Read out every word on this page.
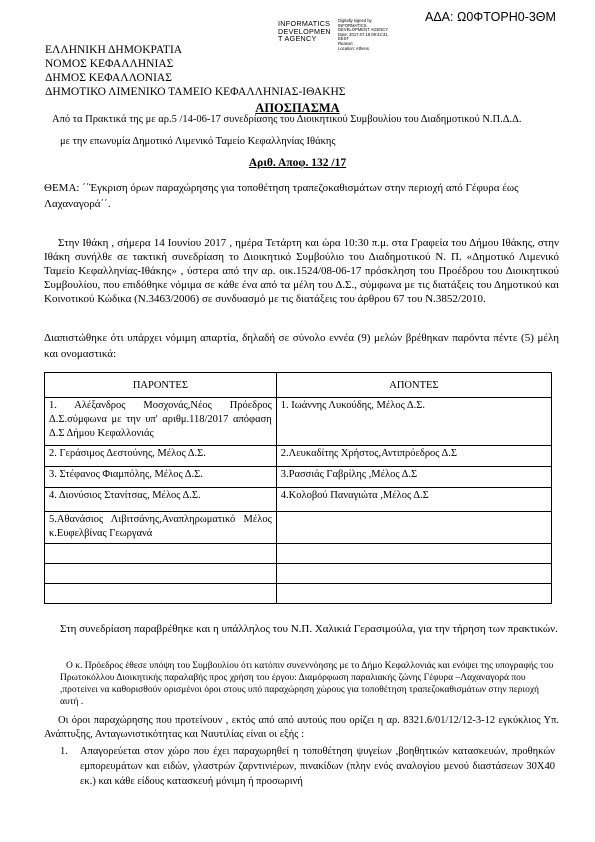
INFORMATICS
DEVELOPMEN
T AGENCY
Digitally signed by
INFORMATICS
DEVELOPMENT AGENCY
Date: 2017.07.18 09:42:31
EEST
Reason:
Location: Athens
ΑΔΑ: Ω0ΦΤΟΡΗ0-3ΘΜ
ΕΛΛΗΝΙΚΗ ΔΗΜΟΚΡΑΤΙΑ
ΝΟΜΟΣ ΚΕΦΑΛΛΗΝΙΑΣ
ΔΗΜΟΣ ΚΕΦΑΛΛΟΝΙΑΣ
ΔΗΜΟΤΙΚΟ ΛΙΜΕΝΙΚΟ ΤΑΜΕΙΟ ΚΕΦΑΛΛΗΝΙΑΣ-ΙΘΑΚΗΣ
ΑΠΟΣΠΑΣΜΑ
Από τα Πρακτικά της με αρ.5 /14-06-17 συνεδρίασης του Διοικητικού Συμβουλίου του Διαδημοτικού Ν.Π.Δ.Δ.
με την επωνυμία Δημοτικό Λιμενικό Ταμείο Κεφαλληνίας Ιθάκης
Αριθ. Αποφ. 132 /17
ΘΕΜΑ: ΄΄Έγκριση όρων παραχώρησης για τοποθέτηση τραπεζοκαθισμάτων στην περιοχή από Γέφυρα έως Λαχαναγορά΄΄.
Στην Ιθάκη , σήμερα 14 Ιουνίου 2017 , ημέρα Τετάρτη και ώρα 10:30 π.μ. στα Γραφεία του Δήμου Ιθάκης, στην Ιθάκη συνήλθε σε τακτική συνεδρίαση το Διοικητικό Συμβούλιο του Διαδημοτικού Ν. Π. «Δημοτικό Λιμενικό Ταμείο Κεφαλληνίας-Ιθάκης» , ύστερα από την αρ. οικ.1524/08-06-17 πρόσκληση του Προέδρου του Διοικητικού Συμβουλίου, που επιδόθηκε νόμιμα σε κάθε ένα από τα μέλη του Δ.Σ., σύμφωνα με τις διατάξεις του Δημοτικού και Κοινοτικού Κώδικα (Ν.3463/2006) σε συνδυασμό με τις διατάξεις του άρθρου 67 του Ν.3852/2010.
Διαπιστώθηκε ότι υπάρχει νόμιμη απαρτία, δηλαδή σε σύνολο εννέα (9) μελών βρέθηκαν παρόντα πέντε (5) μέλη και ονομαστικά:
ΠΑΡΟΝΤΕΣ	ΑΠΟΝΤΕΣ
1. Αλέξανδρος Μοσχονάς,Νέος Πρόεδρος Δ.Σ.σύμφωνα με την υπ' αριθμ.118/2017 απόφαση Δ.Σ Δήμου Κεφαλλονιάς	1. Ιωάννης Λυκούδης, Μέλος Δ.Σ.
2. Γεράσιμος Δεστούνης, Μέλος Δ.Σ.	2.Λευκαδίτης Χρήστος,Αντιπρόεδρος Δ.Σ
3. Στέφανος Φιαμπόλης, Μέλος Δ.Σ.	3.Ρασσιάς Γαβρίλης ,Μέλος Δ.Σ
4. Διονύσιος Στανίτσας, Μέλος Δ.Σ.	4.Κολοβού Παναγιώτα ,Μέλος Δ.Σ
5.Αθανάσιος Λιβιτσάνης,Αναπληρωματικό Μέλος κ.Ευφελβίνας Γεωργανά	

Στη συνεδρίαση παραβρέθηκε και η υπάλληλος του Ν.Π. Χαλικιά Γερασιμούλα, για την τήρηση των πρακτικών.
Ο κ. Πρόεδρος έθεσε υπόψη του Συμβουλίου ότι κατόπιν συνεννόησης με το Δήμο Κεφαλλονιάς και ενόψει της υπογραφής του Πρωτοκόλλου Διοικητικής παραλαβής προς χρήση του έργου: Διαμόρφωση παραλιακής ζώνης Γέφυρα –Λαχαναγορά που ,προτείνει να καθορισθούν ορισμένοι όροι στους υπό παραχώρηση χώρους για τοποθέτηση τραπεζοκαθισμάτων στην περιοχή αυτή .
Οι όροι παραχώρησης που προτείνουν , εκτός από από αυτούς που ορίζει η αρ. 8321.6/01/12/12-3-12 εγκύκλιος Υπ. Ανάπτυξης, Ανταγωνιστικότητας και Ναυτιλίας είναι οι εξής :
1. Απαγορεύεται στον χώρο που έχει παραχωρηθεί η τοποθέτηση ψυγείων ,βοηθητικών κατασκευών, προθηκών εμπορευμάτων και ειδών, γλαστρών ζαρντινιέρων, πινακίδων (πλην ενός αναλογίου μενού διαστάσεων 30Χ40 εκ.) και κάθε είδους κατασκευή μόνιμη ή προσωρινή
